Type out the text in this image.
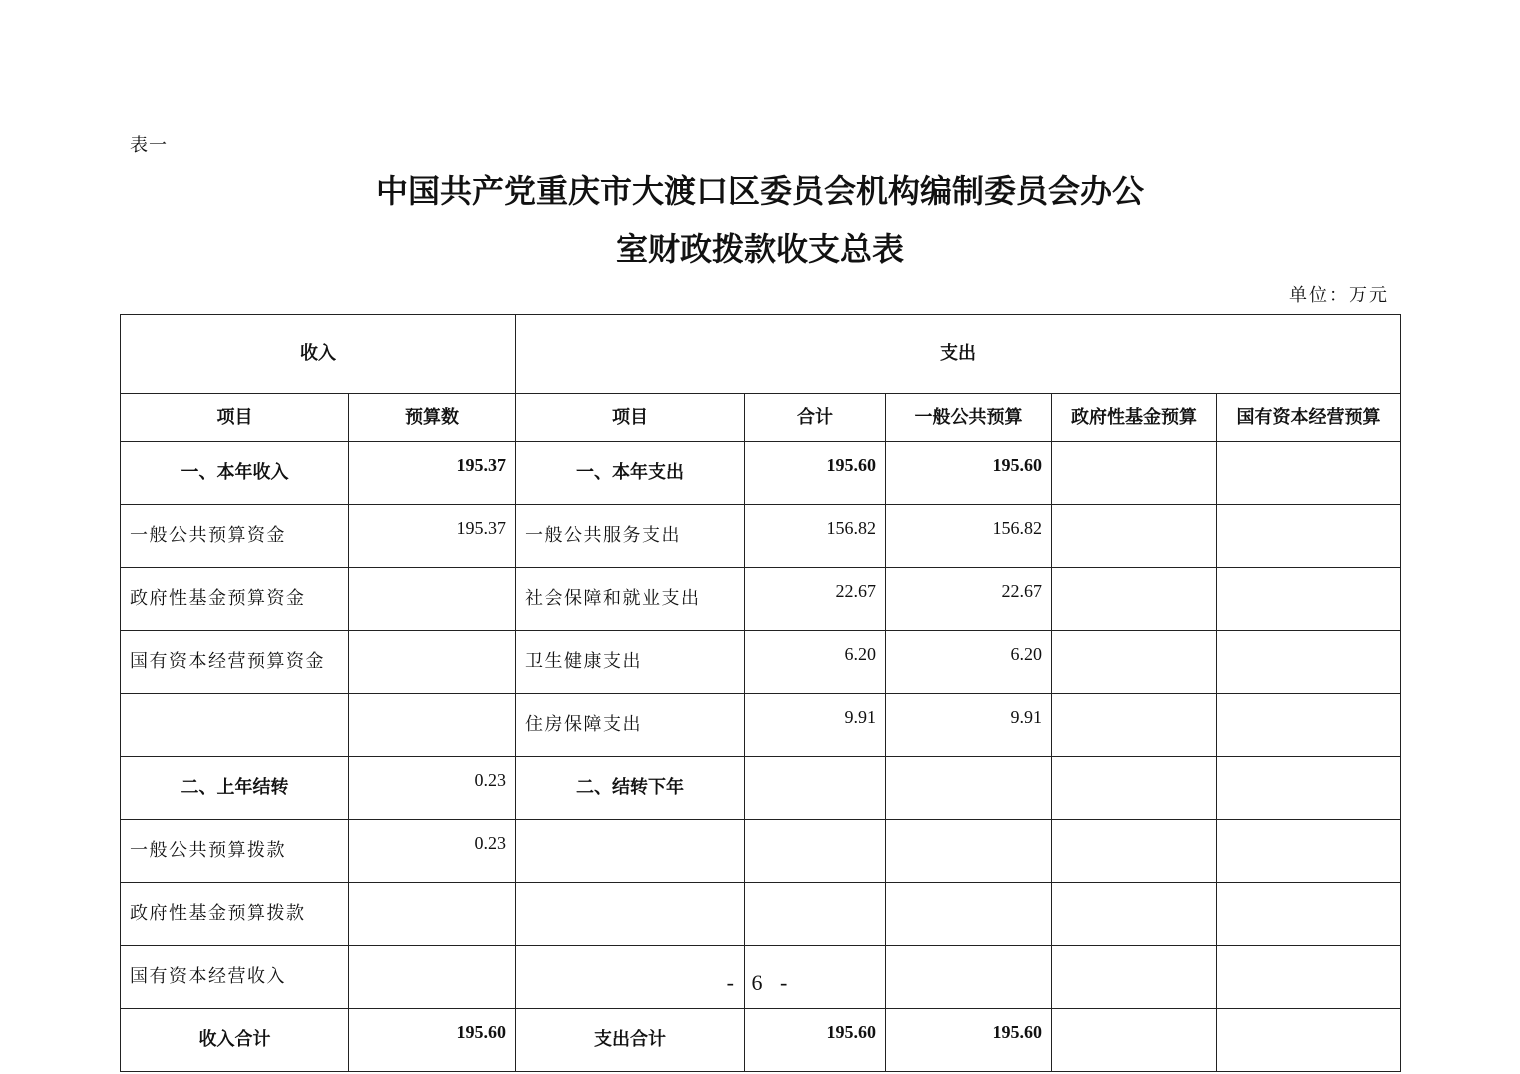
表一
中国共产党重庆市大渡口区委员会机构编制委员会办公
室财政拨款收支总表
单位：万元
收入		支出				
项目	预算数	项目	合计	一般公共预算	政府性基金预算	国有资本经营预算
一、本年收入	195.37	一、本年支出	195.60	195.60		
一般公共预算资金	195.37	一般公共服务支出	156.82	156.82		
政府性基金预算资金		社会保障和就业支出	22.67	22.67		
国有资本经营预算资金		卫生健康支出	6.20	6.20		
		住房保障支出	9.91	9.91		
二、上年结转	0.23	二、结转下年				
一般公共预算拨款	0.23					
政府性基金预算拨款						
国有资本经营收入						
收入合计	195.60	支出合计	195.60	195.60		
- 6 -
